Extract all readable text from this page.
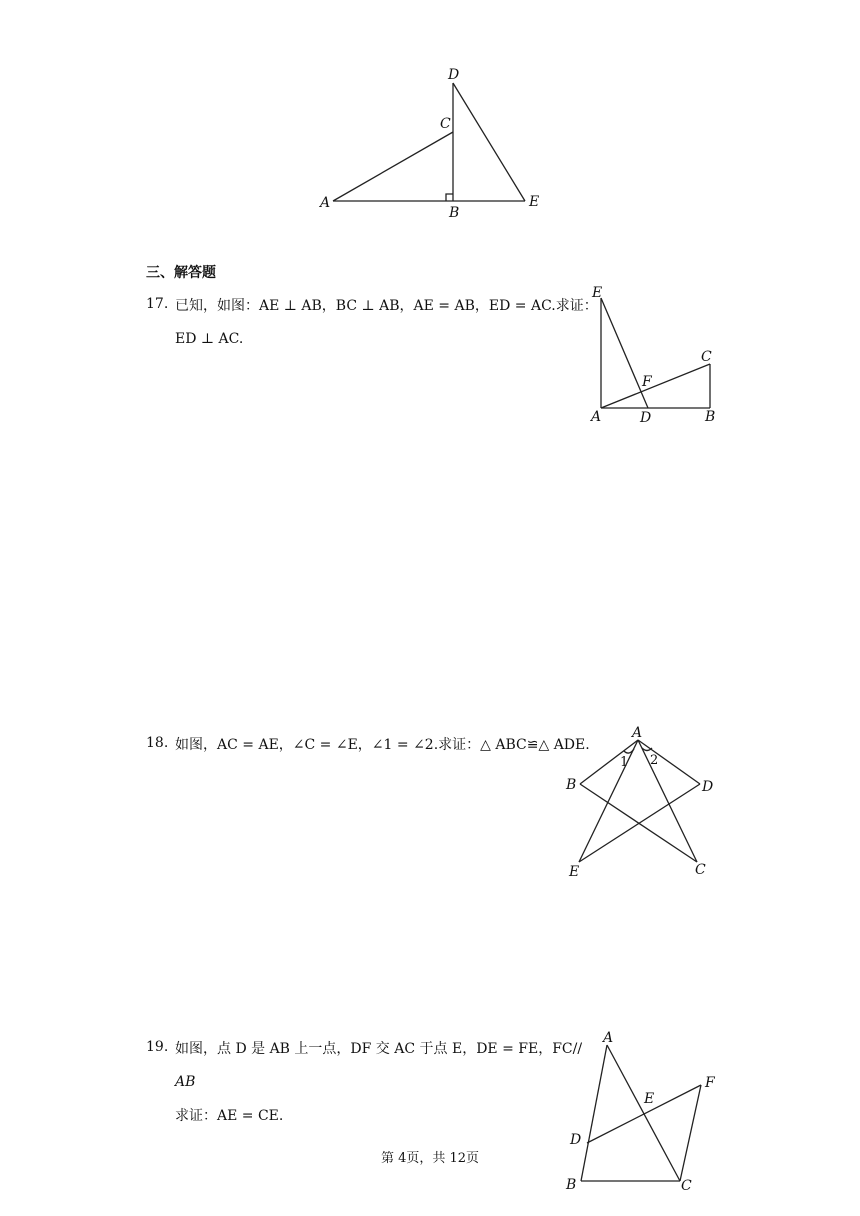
D
C
A
B
E
三、解答题
17. 已知，如图：AE ⊥ AB，BC ⊥ AB，AE = AB，ED = AC.求证：
ED ⊥ AC.
E
C
F
A	D	B
18. 如图，AC = AE，∠C = ∠E，∠1 = ∠2.求证：△ ABC≌△ ADE.
A
1 2
B	D
E	C
19. 如图，点 D 是 AB 上一点，DF 交 AC 于点 E，DE = FE，FC//
AB
求证：AE = CE.
A
F
E
D
B	C
第 4页，共 12页
